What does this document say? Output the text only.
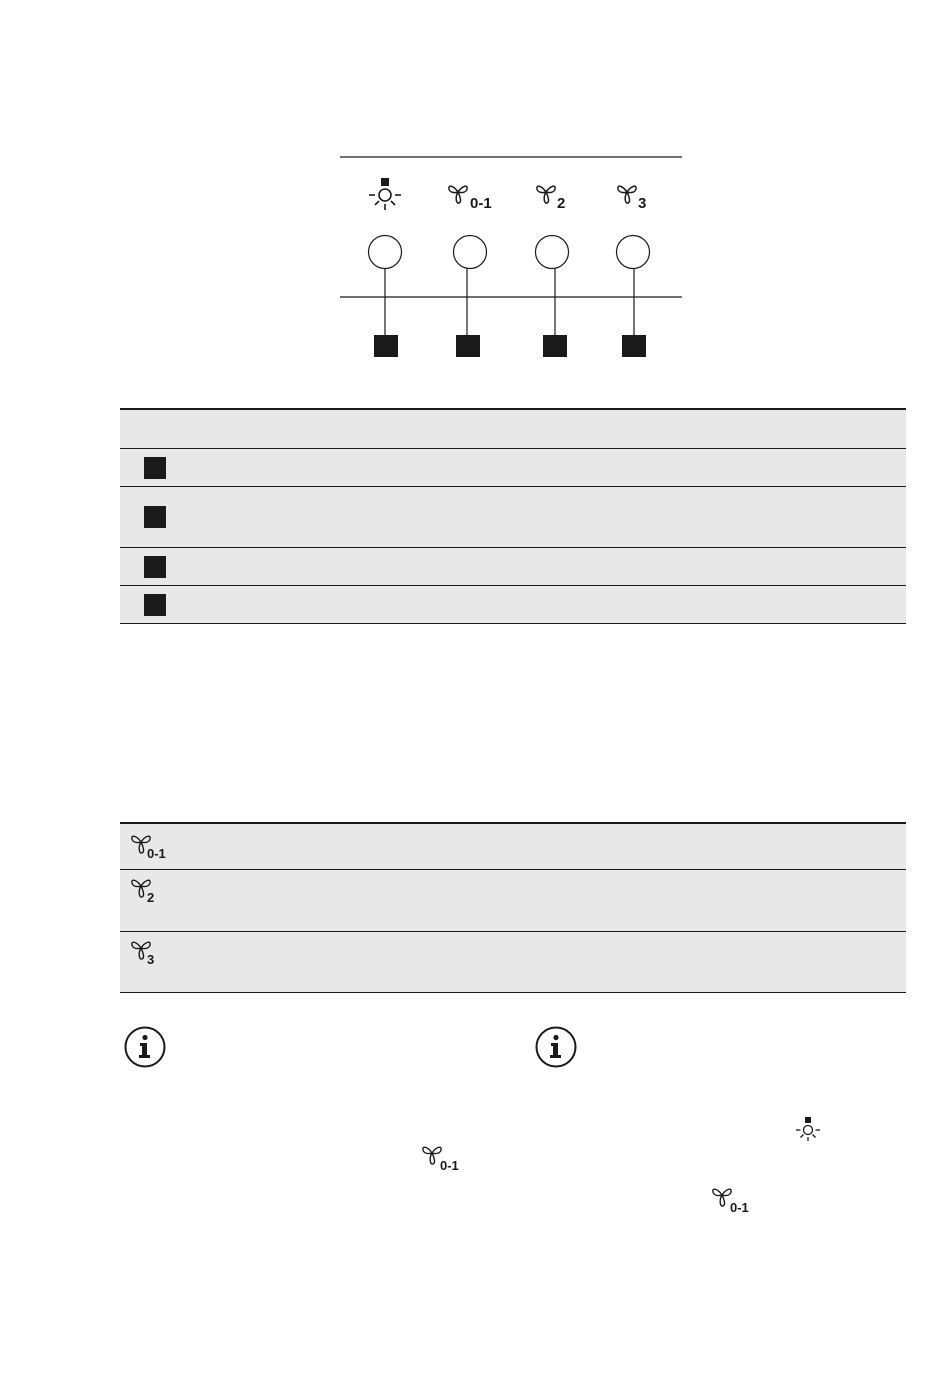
0-1	2	3
0-1
2
3
0-1
0-1
